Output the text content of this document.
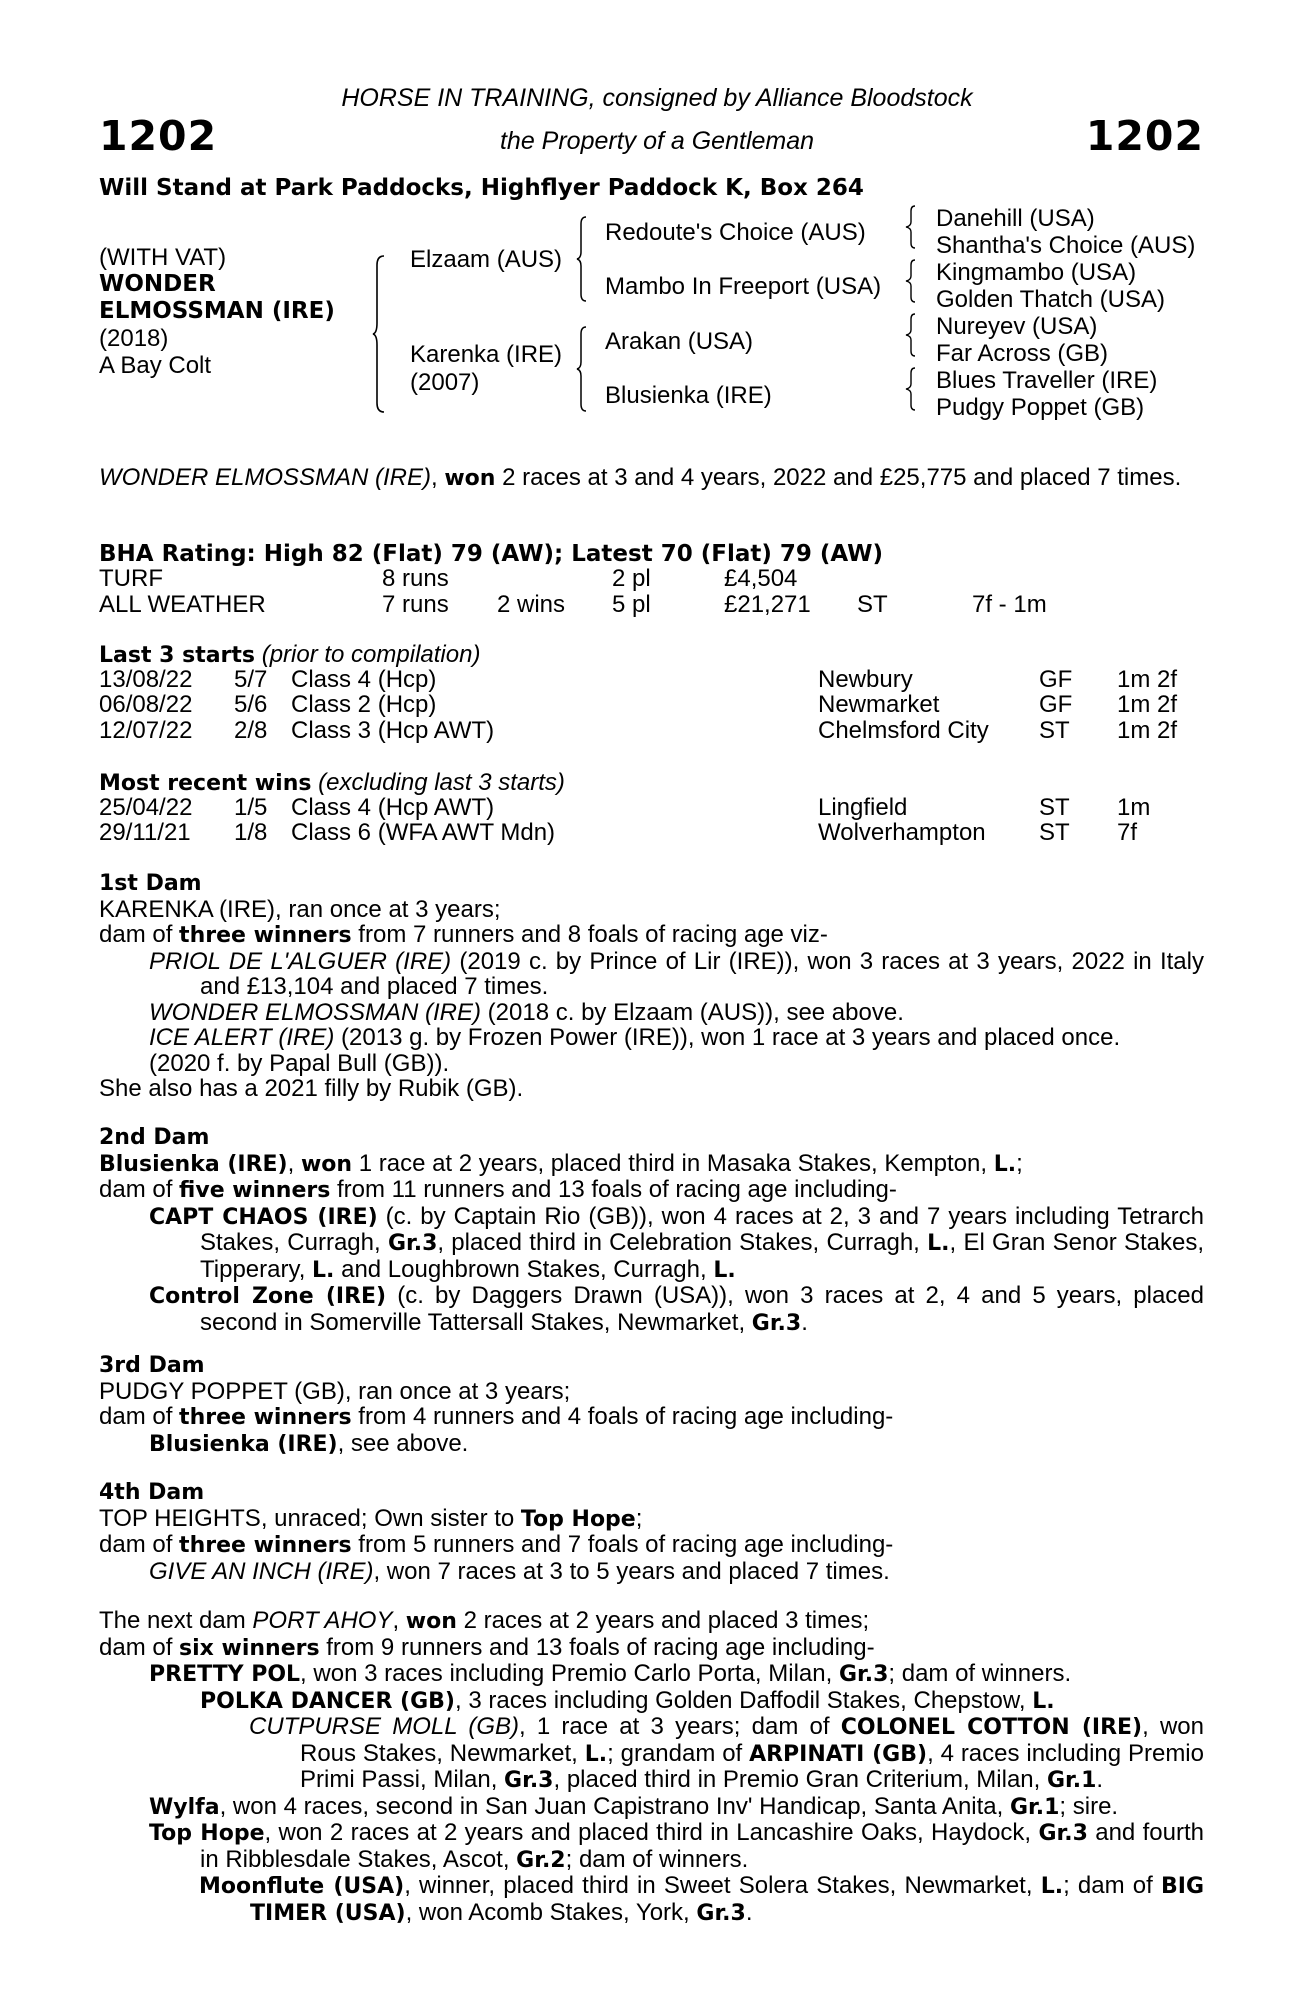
1202	1202
HORSE IN TRAINING, consigned by Alliance Bloodstock
the Property of a Gentleman
Will Stand at Park Paddocks, Highflyer Paddock K, Box 264
(WITH VAT)
WONDER
ELMOSSMAN (IRE)
(2018)
A Bay Colt
Elzaam (AUS)
Karenka (IRE)
(2007)
Redoute's Choice (AUS)
Mambo In Freeport (USA)
Arakan (USA)
Blusienka (IRE)
Danehill (USA)
Shantha's Choice (AUS)
Kingmambo (USA)
Golden Thatch (USA)
Nureyev (USA)
Far Across (GB)
Blues Traveller (IRE)
Pudgy Poppet (GB)

WONDER ELMOSSMAN (IRE), won 2 races at 3 and 4 years, 2022 and £25,775 and placed 7 times.

BHA Rating: High 82 (Flat) 79 (AW); Latest 70 (Flat) 79 (AW)
TURF	8 runs	2 pl	£4,504
ALL WEATHER	7 runs 2 wins 5 pl	£21,271 ST	7f - 1m
Last 3 starts (prior to compilation)
13/08/22 5/7 Class 4 (Hcp)	Newbury	GF 1m 2f
06/08/22 5/6 Class 2 (Hcp)	Newmarket	GF 1m 2f
12/07/22 2/8 Class 3 (Hcp AWT)	Chelmsford City ST 1m 2f
Most recent wins (excluding last 3 starts)
25/04/22 1/5 Class 4 (Hcp AWT)	Lingfield	ST 1m
29/11/21 1/8 Class 6 (WFA AWT Mdn)	Wolverhampton ST 7f

1st Dam

KARENKA (IRE), ran once at 3 years;

dam of three winners from 7 runners and 8 foals of racing age viz-

PRIOL DE L'ALGUER (IRE) (2019 c. by Prince of Lir (IRE)), won 3 races at 3 years, 2022 in Italy and £13,104 and placed 7 times.

WONDER ELMOSSMAN (IRE) (2018 c. by Elzaam (AUS)), see above.

ICE ALERT (IRE) (2013 g. by Frozen Power (IRE)), won 1 race at 3 years and placed once.

(2020 f. by Papal Bull (GB)).

She also has a 2021 filly by Rubik (GB).

2nd Dam

Blusienka (IRE), won 1 race at 2 years, placed third in Masaka Stakes, Kempton, L.;

dam of five winners from 11 runners and 13 foals of racing age including-

CAPT CHAOS (IRE) (c. by Captain Rio (GB)), won 4 races at 2, 3 and 7 years including Tetrarch Stakes, Curragh, Gr.3, placed third in Celebration Stakes, Curragh, L., El Gran Senor Stakes, Tipperary, L. and Loughbrown Stakes, Curragh, L.

Control Zone (IRE) (c. by Daggers Drawn (USA)), won 3 races at 2, 4 and 5 years, placed second in Somerville Tattersall Stakes, Newmarket, Gr.3.

3rd Dam

PUDGY POPPET (GB), ran once at 3 years;

dam of three winners from 4 runners and 4 foals of racing age including-

Blusienka (IRE), see above.

4th Dam

TOP HEIGHTS, unraced; Own sister to Top Hope;

dam of three winners from 5 runners and 7 foals of racing age including-

GIVE AN INCH (IRE), won 7 races at 3 to 5 years and placed 7 times.

The next dam PORT AHOY, won 2 races at 2 years and placed 3 times;

dam of six winners from 9 runners and 13 foals of racing age including-

PRETTY POL, won 3 races including Premio Carlo Porta, Milan, Gr.3; dam of winners.

POLKA DANCER (GB), 3 races including Golden Daffodil Stakes, Chepstow, L.

CUTPURSE MOLL (GB), 1 race at 3 years; dam of COLONEL COTTON (IRE), won Rous Stakes, Newmarket, L.; grandam of ARPINATI (GB), 4 races including Premio Primi Passi, Milan, Gr.3, placed third in Premio Gran Criterium, Milan, Gr.1.

Wylfa, won 4 races, second in San Juan Capistrano Inv' Handicap, Santa Anita, Gr.1; sire.

Top Hope, won 2 races at 2 years and placed third in Lancashire Oaks, Haydock, Gr.3 and fourth in Ribblesdale Stakes, Ascot, Gr.2; dam of winners.

Moonflute (USA), winner, placed third in Sweet Solera Stakes, Newmarket, L.; dam of BIG TIMER (USA), won Acomb Stakes, York, Gr.3.
